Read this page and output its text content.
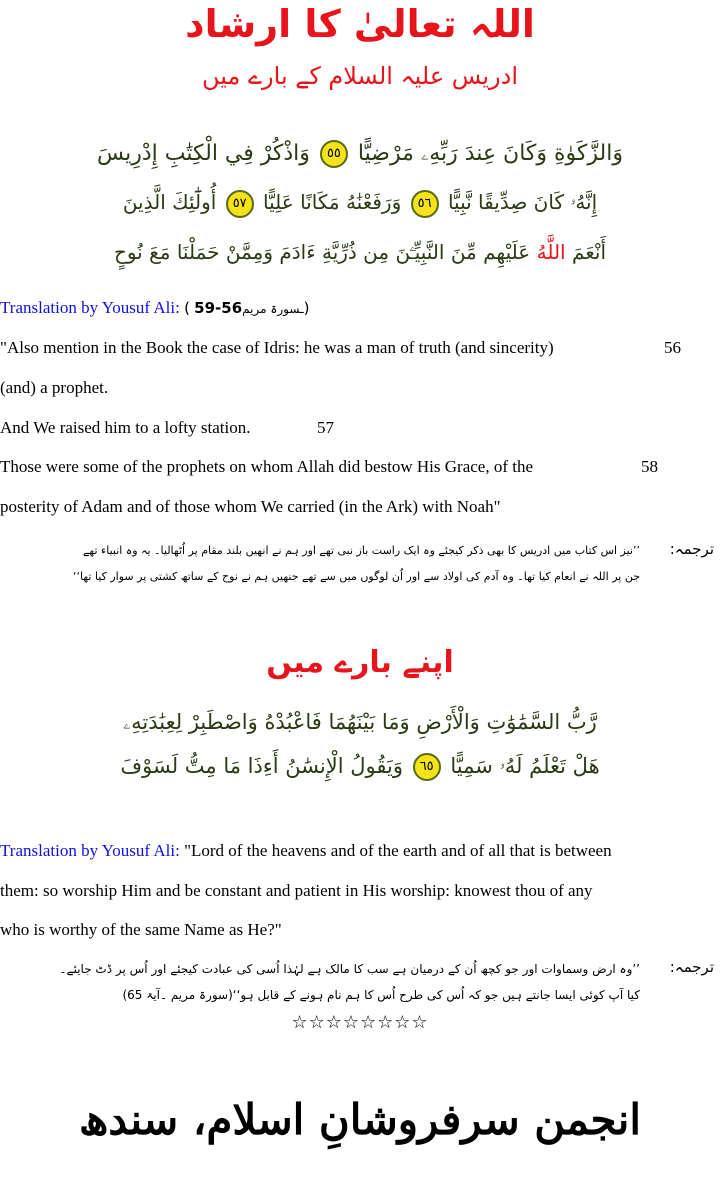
اللہ تعالیٰ کا ارشاد
ادریس علیہ السلام کے بارے میں
وَالزَّكَوٰةِ وَكَانَ عِندَ رَبِّهِۦ مَرْضِيًّا ٥٥ وَاذْكُرْ فِي الْكِتَٰبِ إِدْرِيسَ
إِنَّهُۥ كَانَ صِدِّيقًا نَّبِيًّا ٥٦ وَرَفَعْنَٰهُ مَكَانًا عَلِيًّا ٥٧ أُولَٰٓئِكَ الَّذِينَ
أَنْعَمَ اللَّهُ عَلَيْهِم مِّنَ النَّبِيِّـۧنَ مِن ذُرِّيَّةِ ءَادَمَ وَمِمَّنْ حَمَلْنَا مَعَ نُوحٍ
Translation by Yousuf Ali: ( 59-56ـسورۃ مریم)
"Also mention in the Book the case of Idris: he was a man of truth (and sincerity)	56
(and) a prophet.
And We raised him to a lofty station.	57
Those were some of the prophets on whom Allah did bestow His Grace, of the	58
posterity of Adam and of those whom We carried (in the Ark) with Noah"
ترجمہ:
’’نیز اس کتاب میں ادریس کا بھی ذکر کیجئے وہ ایک راست باز نبی تھے اور ہم نے انھیں بلند مقام پر اُٹھالیا۔ یہ وہ انبیاء تھے
جن پر اللہ نے انعام کیا تھا۔ وہ آدم کی اولاد سے اور اُن لوگوں میں سے تھے جنھیں ہم نے نوح کے ساتھ کشتی پر سوار کیا تھا‘‘
اپنے بارے میں
رَّبُّ السَّمَٰوَٰتِ وَالْأَرْضِ وَمَا بَيْنَهُمَا فَاعْبُدْهُ وَاصْطَبِرْ لِعِبَٰدَتِهِۦ
هَلْ تَعْلَمُ لَهُۥ سَمِيًّا ٦٥ وَيَقُولُ الْإِنسَٰنُ أَءِذَا مَا مِتُّ لَسَوْفَ
Translation by Yousuf Ali: "Lord of the heavens and of the earth and of all that is between
them: so worship Him and be constant and patient in His worship: knowest thou of any
who is worthy of the same Name as He?"
ترجمہ:
’’وہ ارض وسماوات اور جو کچھ اُن کے درمیان ہے سب کا مالک ہے لہٰذا اُسی کی عبادت کیجئے اور اُس پر ڈٹ جایئے۔
کیا آپ کوئی ایسا جانتے ہیں جو کہ اُس کی طرح اُس کا ہم نام ہونے کے قابل ہو‘‘(سورۃ مریم ۔آیۃ 65)
☆☆☆☆☆☆☆☆
انجمن سرفروشانِ اسلام، سندھ
